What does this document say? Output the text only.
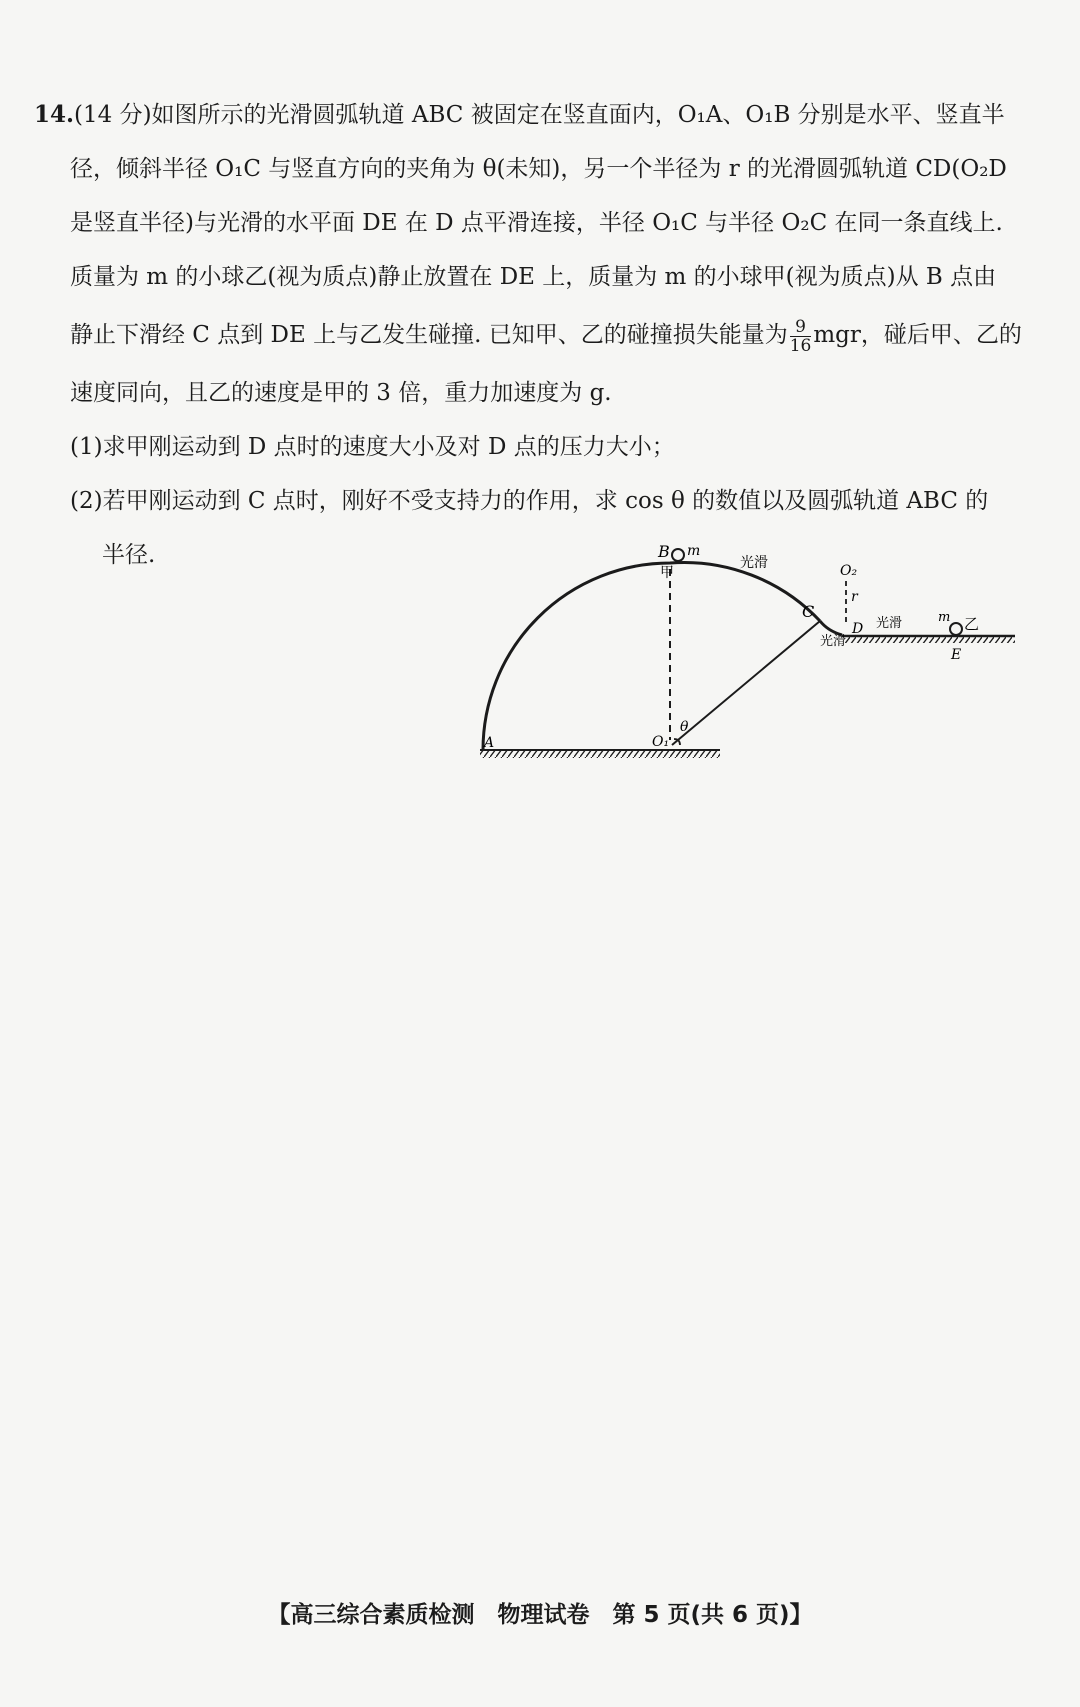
14.(14 分)如图所示的光滑圆弧轨道 ABC 被固定在竖直面内，O₁A、O₁B 分别是水平、竖直半
径，倾斜半径 O₁C 与竖直方向的夹角为 θ(未知)，另一个半径为 r 的光滑圆弧轨道 CD(O₂D
是竖直半径)与光滑的水平面 DE 在 D 点平滑连接，半径 O₁C 与半径 O₂C 在同一条直线上.
质量为 m 的小球乙(视为质点)静止放置在 DE 上，质量为 m 的小球甲(视为质点)从 B 点由
静止下滑经 C 点到 DE 上与乙发生碰撞. 已知甲、乙的碰撞损失能量为 $\frac{9}{16}$ mgr，碰后甲、乙的
速度同向，且乙的速度是甲的 3 倍，重力加速度为 g.
(1)求甲刚运动到 D 点时的速度大小及对 D 点的压力大小；
(2)若甲刚运动到 C 点时，刚好不受支持力的作用，求 cos θ 的数值以及圆弧轨道 ABC 的
半径.
A
B m
甲
光滑
C
O₂
r
D 光滑	m 乙
E
光滑
O₁
θ
【高三综合素质检测　物理试卷　第 5 页(共 6 页)】
